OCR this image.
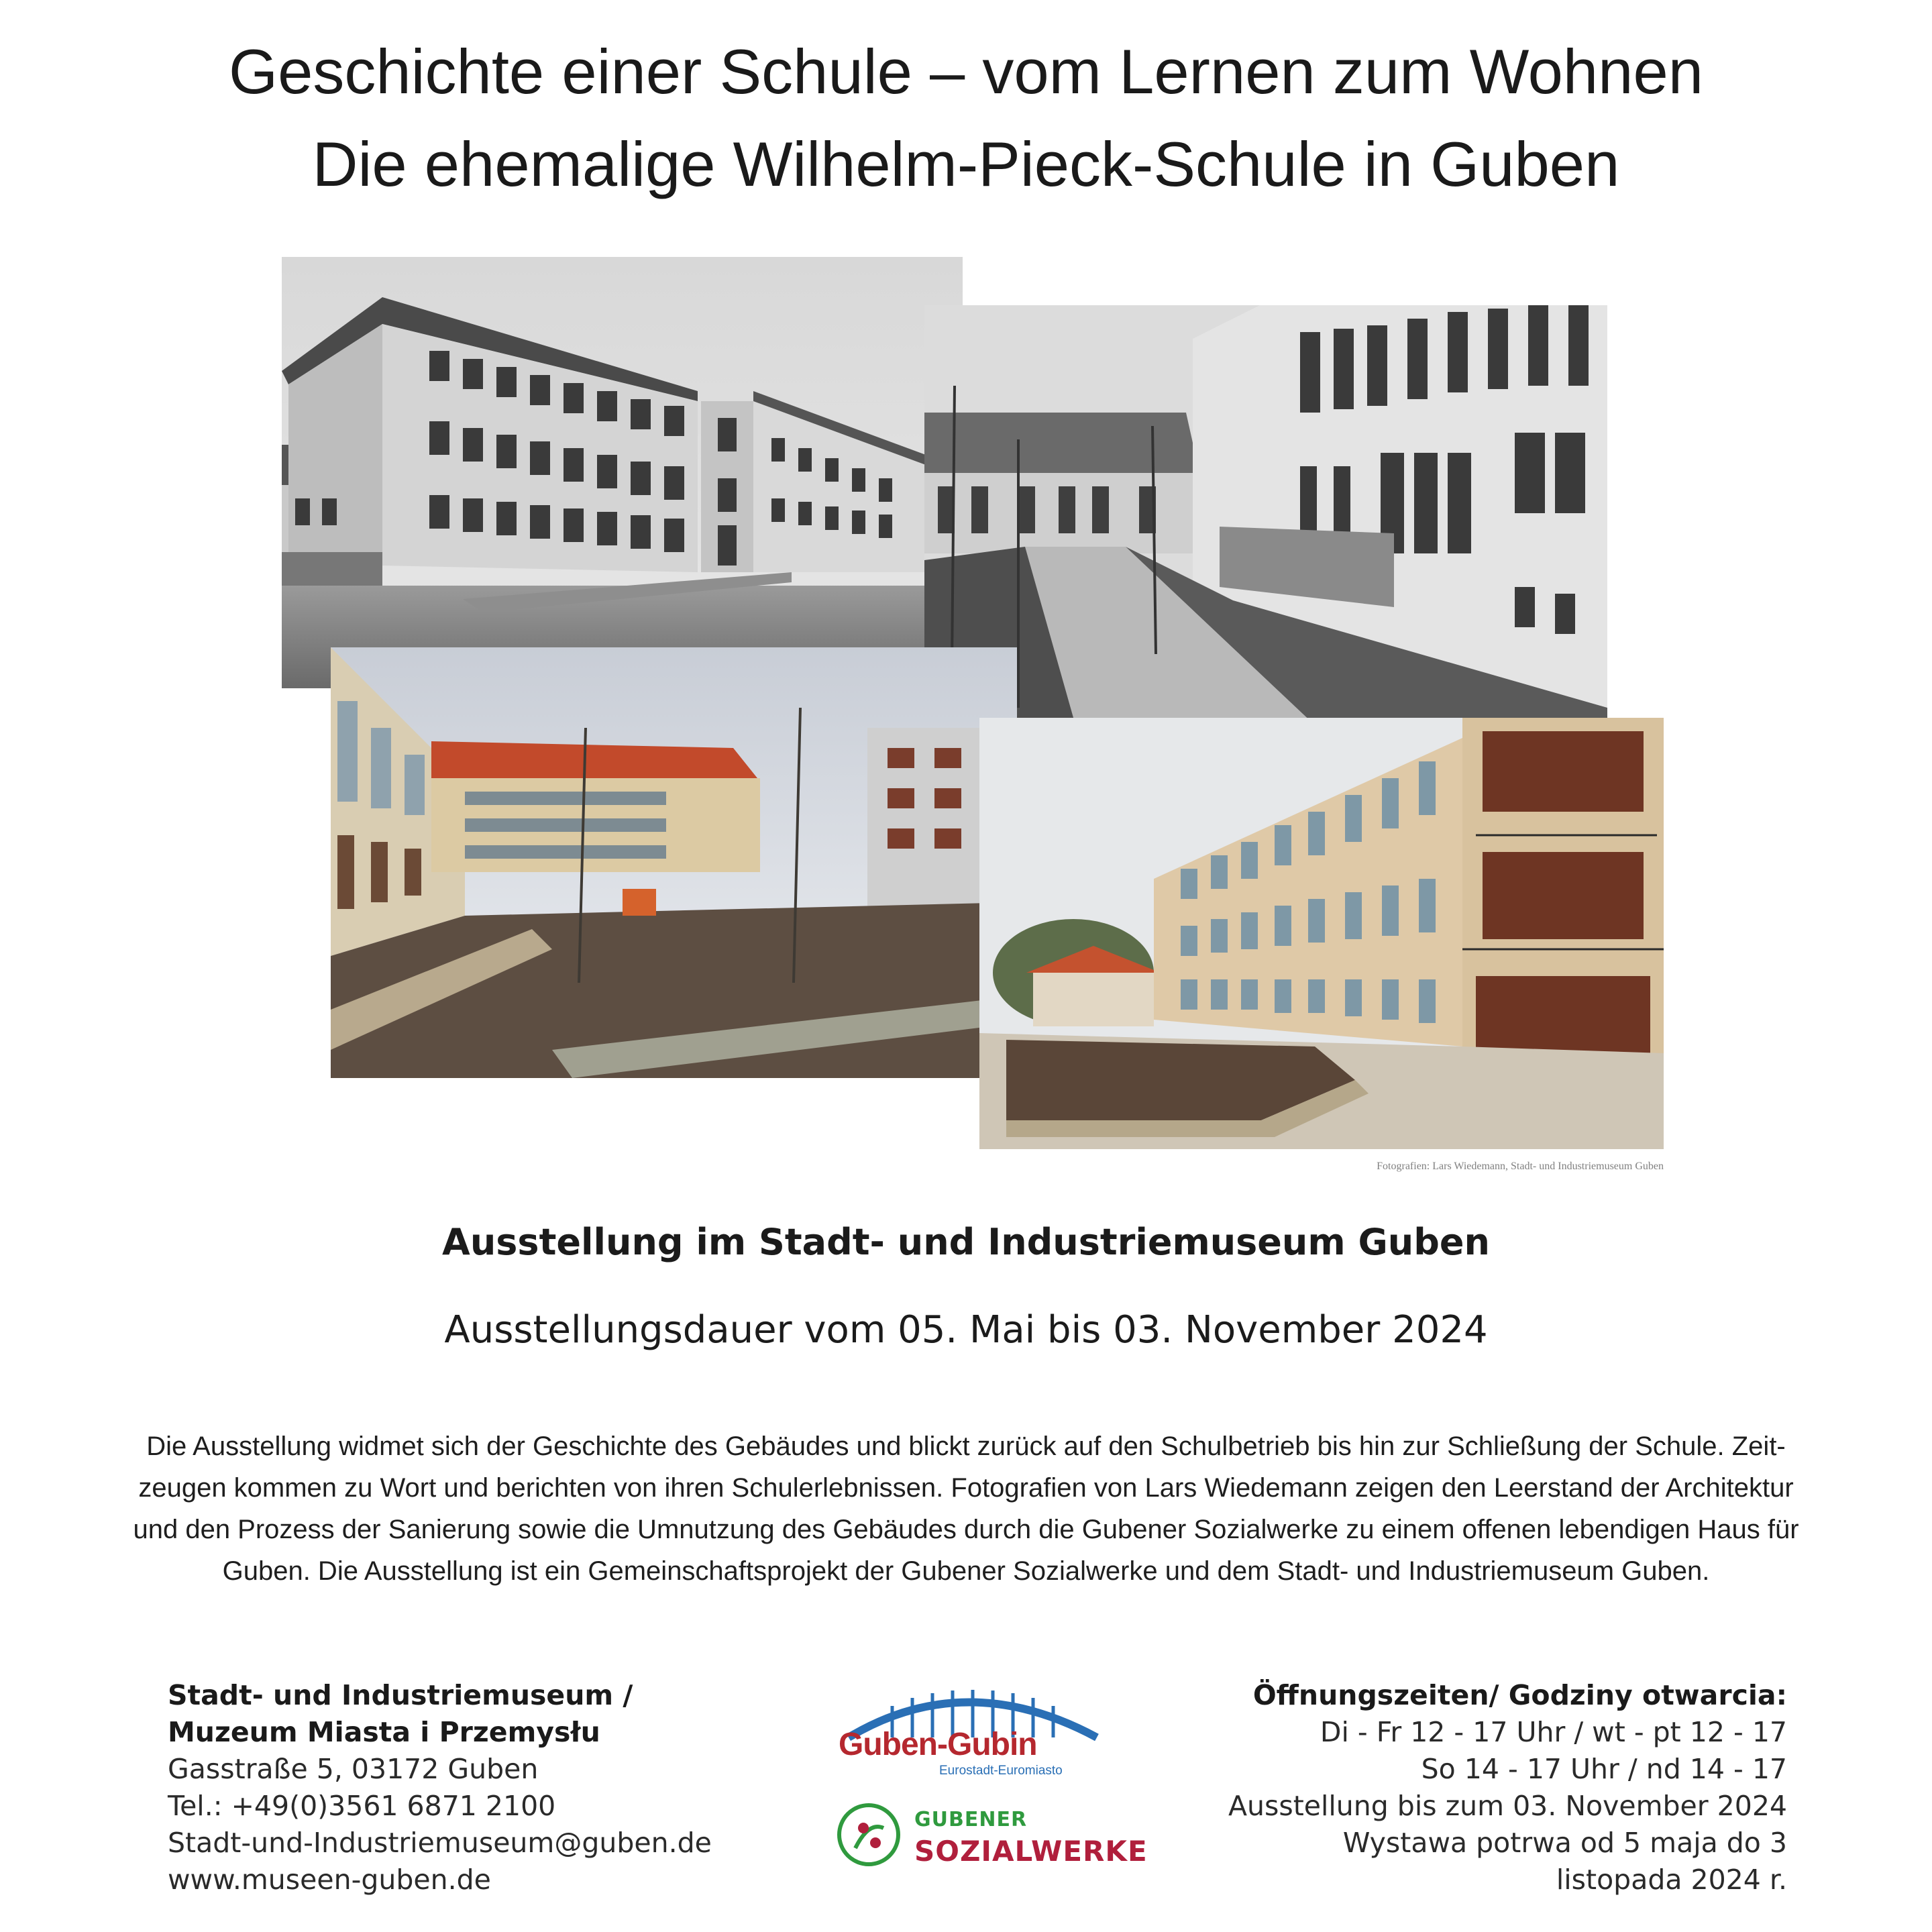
Geschichte einer Schule – vom Lernen zum Wohnen
Die ehemalige Wilhelm-Pieck-Schule in Guben
Fotografien: Lars Wiedemann, Stadt- und Industriemuseum Guben
Ausstellung im Stadt- und Industriemuseum Guben
Ausstellungsdauer vom 05. Mai bis 03. November 2024
Die Ausstellung widmet sich der Geschichte des Gebäudes und blickt zurück auf den Schulbetrieb bis hin zur Schließung der Schule. Zeit-
zeugen kommen zu Wort und berichten von ihren Schulerlebnissen. Fotografien von Lars Wiedemann zeigen den Leerstand der Architektur
und den Prozess der Sanierung sowie die Umnutzung des Gebäudes durch die Gubener Sozialwerke zu einem offenen lebendigen Haus für
Guben. Die Ausstellung ist ein Gemeinschaftsprojekt der Gubener Sozialwerke und dem Stadt- und Industriemuseum Guben.
Stadt- und Industriemuseum /
Muzeum Miasta i Przemysłu
Gasstraße 5, 03172 Guben
Tel.: +49(0)3561 6871 2100
Stadt-und-Industriemuseum@guben.de
www.museen-guben.de
Guben-Gubin
Eurostadt-Euromiasto
GUBENER
SOZIALWERKE
Öffnungszeiten/ Godziny otwarcia:
Di - Fr 12 - 17 Uhr / wt - pt 12 - 17
So 14 - 17 Uhr / nd 14 - 17
Ausstellung bis zum 03. November 2024
Wystawa potrwa od 5 maja do 3
listopada 2024 r.
